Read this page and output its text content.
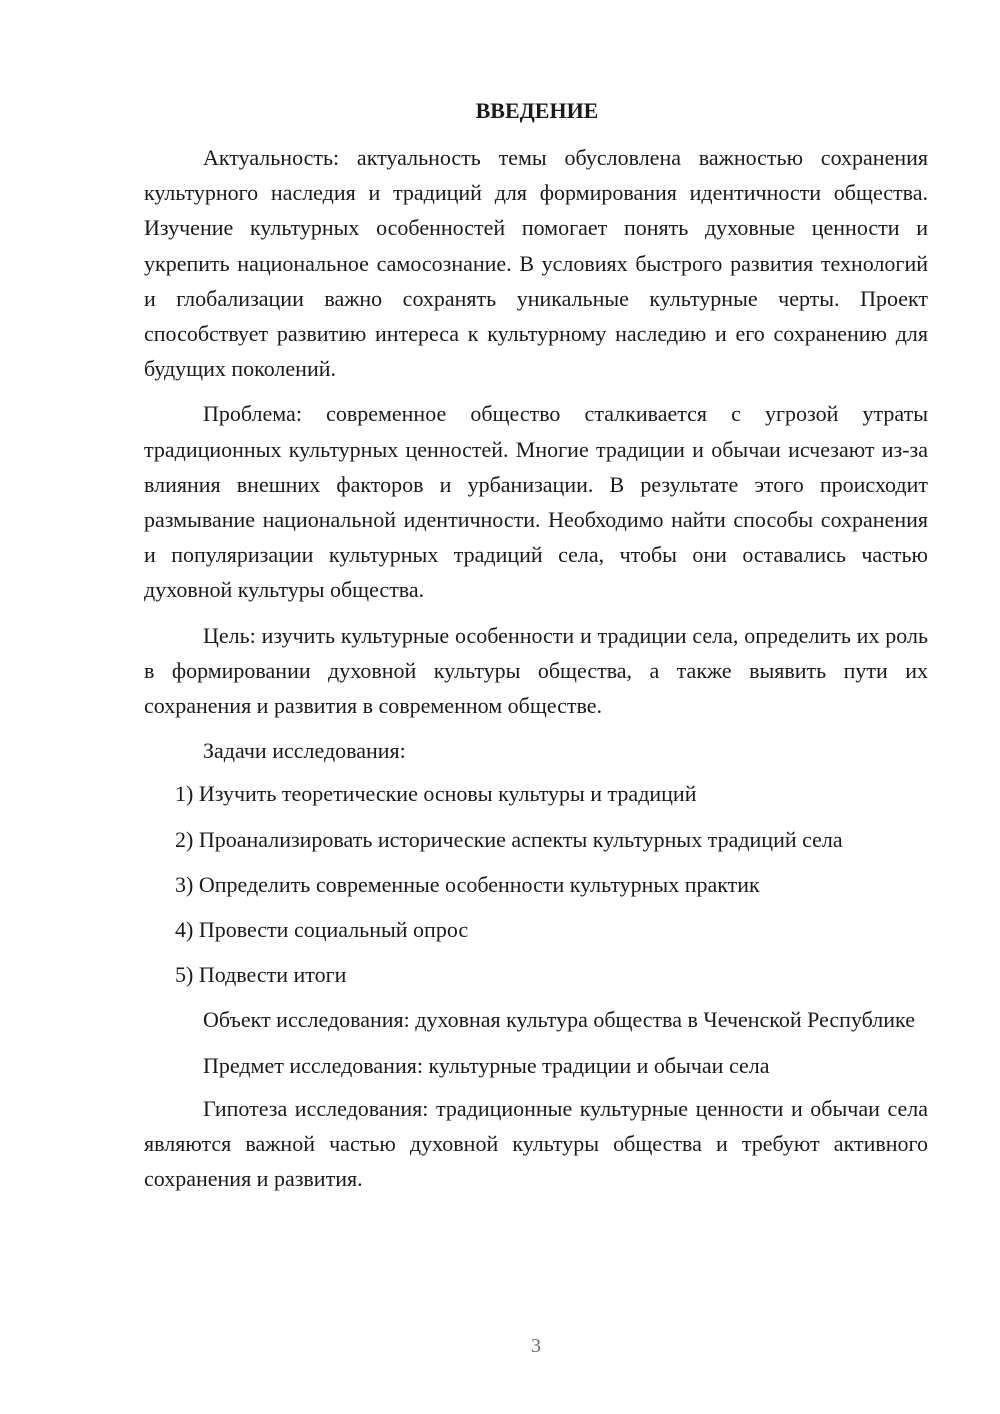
ВВЕДЕНИЕ

Актуальность: актуальность темы обусловлена важностью сохранения культурного наследия и традиций для формирования идентичности общества. Изучение культурных особенностей помогает понять духовные ценности и укрепить национальное самосознание. В условиях быстрого развития технологий и глобализации важно сохранять уникальные культурные черты. Проект способствует развитию интереса к культурному наследию и его сохранению для будущих поколений.

Проблема: современное общество сталкивается с угрозой утраты традиционных культурных ценностей. Многие традиции и обычаи исчезают из-за влияния внешних факторов и урбанизации. В результате этого происходит размывание национальной идентичности. Необходимо найти способы сохранения и популяризации культурных традиций села, чтобы они оставались частью духовной культуры общества.

Цель: изучить культурные особенности и традиции села, определить их роль в формировании духовной культуры общества, а также выявить пути их сохранения и развития в современном обществе.

Задачи исследования:

1) Изучить теоретические основы культуры и традиций

2) Проанализировать исторические аспекты культурных традиций села

3) Определить современные особенности культурных практик

4) Провести социальный опрос

5) Подвести итоги

Объект исследования: духовная культура общества в Чеченской Республике

Предмет исследования: культурные традиции и обычаи села

Гипотеза исследования: традиционные культурные ценности и обычаи села являются важной частью духовной культуры общества и требуют активного сохранения и развития.

3
